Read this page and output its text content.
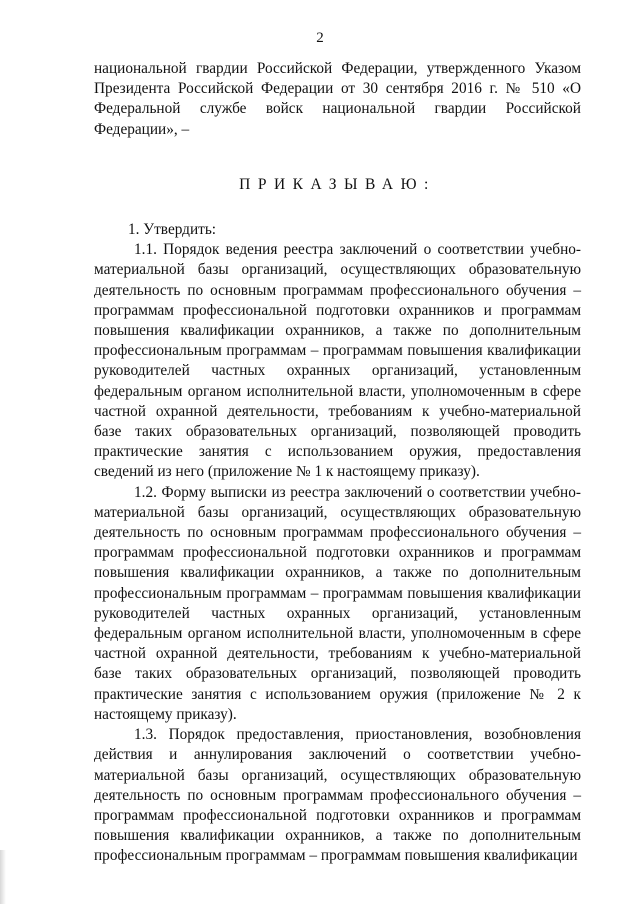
2

национальной гвардии Российской Федерации, утвержденного Указом Президента Российской Федерации от 30 сентября 2016 г. № 510 «О Федеральной службе войск национальной гвардии Российской Федерации», –

ПРИКАЗЫВАЮ:

1. Утвердить:

1.1. Порядок ведения реестра заключений о соответствии учебно-материальной базы организаций, осуществляющих образовательную деятельность по основным программам профессионального обучения – программам профессиональной подготовки охранников и программам повышения квалификации охранников, а также по дополнительным профессиональным программам – программам повышения квалификации руководителей частных охранных организаций, установленным федеральным органом исполнительной власти, уполномоченным в сфере частной охранной деятельности, требованиям к учебно-материальной базе таких образовательных организаций, позволяющей проводить практические занятия с использованием оружия, предоставления сведений из него (приложение № 1 к настоящему приказу).

1.2. Форму выписки из реестра заключений о соответствии учебно-материальной базы организаций, осуществляющих образовательную деятельность по основным программам профессионального обучения – программам профессиональной подготовки охранников и программам повышения квалификации охранников, а также по дополнительным профессиональным программам – программам повышения квалификации руководителей частных охранных организаций, установленным федеральным органом исполнительной власти, уполномоченным в сфере частной охранной деятельности, требованиям к учебно-материальной базе таких образовательных организаций, позволяющей проводить практические занятия с использованием оружия (приложение № 2 к настоящему приказу).

1.3. Порядок предоставления, приостановления, возобновления действия и аннулирования заключений о соответствии учебно-материальной базы организаций, осуществляющих образовательную деятельность по основным программам профессионального обучения – программам профессиональной подготовки охранников и программам повышения квалификации охранников, а также по дополнительным профессиональным программам – программам повышения квалификации
